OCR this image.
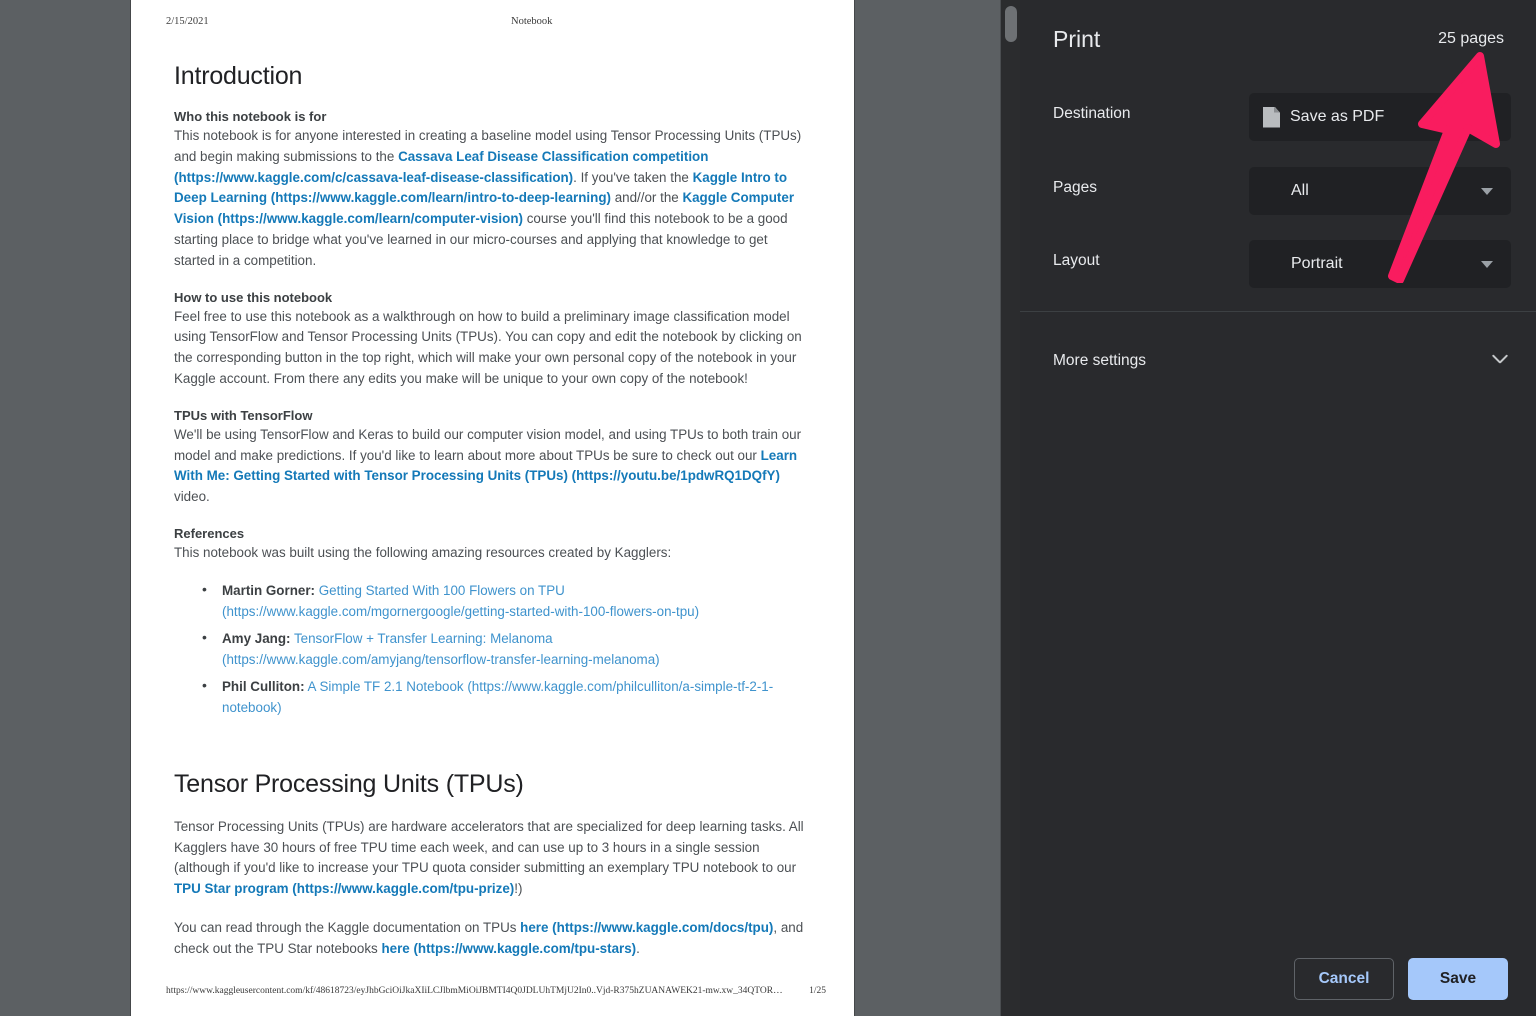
2/15/2021	Notebook
Introduction
Who this notebook is for

This notebook is for anyone interested in creating a baseline model using Tensor Processing Units (TPUs) and begin making submissions to the Cassava Leaf Disease Classification competition (https://www.kaggle.com/c/cassava-leaf-disease-classification). If you've taken the Kaggle Intro to Deep Learning (https://www.kaggle.com/learn/intro-to-deep-learning) and//or the Kaggle Computer Vision (https://www.kaggle.com/learn/computer-vision) course you'll find this notebook to be a good starting place to bridge what you've learned in our micro-courses and applying that knowledge to get started in a competition.

How to use this notebook

Feel free to use this notebook as a walkthrough on how to build a preliminary image classification model using TensorFlow and Tensor Processing Units (TPUs). You can copy and edit the notebook by clicking on the corresponding button in the top right, which will make your own personal copy of the notebook in your Kaggle account. From there any edits you make will be unique to your own copy of the notebook!

TPUs with TensorFlow

We'll be using TensorFlow and Keras to build our computer vision model, and using TPUs to both train our model and make predictions. If you'd like to learn about more about TPUs be sure to check out our Learn With Me: Getting Started with Tensor Processing Units (TPUs) (https://youtu.be/1pdwRQ1DQfY) video.

References

This notebook was built using the following amazing resources created by Kagglers:

• Martin Gorner: Getting Started With 100 Flowers on TPU (https://www.kaggle.com/mgornergoogle/getting-started-with-100-flowers-on-tpu)
• Amy Jang: TensorFlow + Transfer Learning: Melanoma (https://www.kaggle.com/amyjang/tensorflow-transfer-learning-melanoma)
• Phil Culliton: A Simple TF 2.1 Notebook (https://www.kaggle.com/philculliton/a-simple-tf-2-1-notebook)
Tensor Processing Units (TPUs)

Tensor Processing Units (TPUs) are hardware accelerators that are specialized for deep learning tasks. All Kagglers have 30 hours of free TPU time each week, and can use up to 3 hours in a single session (although if you'd like to increase your TPU quota consider submitting an exemplary TPU notebook to our TPU Star program (https://www.kaggle.com/tpu-prize)!)

You can read through the Kaggle documentation on TPUs here (https://www.kaggle.com/docs/tpu), and check out the TPU Star notebooks here (https://www.kaggle.com/tpu-stars).

https://www.kaggleusercontent.com/kf/48618723/eyJhbGciOiJkaXIiLCJlbmMiOiJBMTI4Q0JDLUhTMjU2In0..Vjd-R375hZUANAWEK21-mw.xw_34QTOR…	1/25
Print	25 pages
Destination	Save as PDF
Pages	All
Layout	Portrait
More settings
Cancel	Save
